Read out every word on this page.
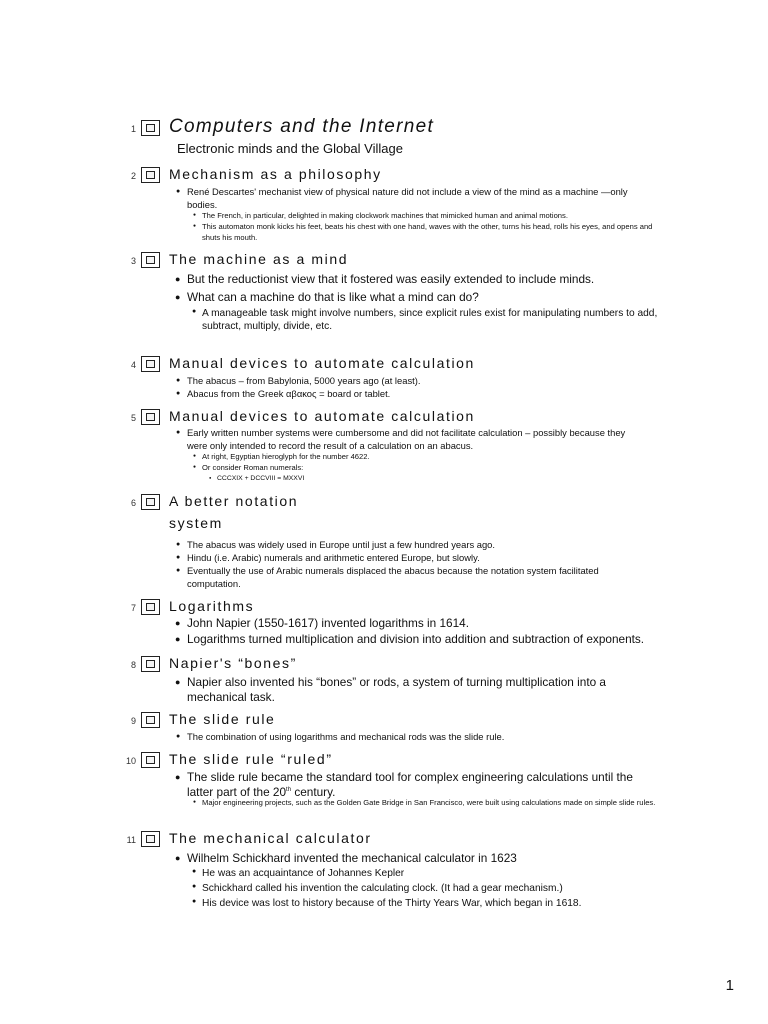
1 Computers and the Internet
Electronic minds and the Global Village
2 Mechanism as a philosophy
● René Descartes' mechanist view of physical nature did not include a view of the mind as a machine —only bodies.
● The French, in particular, delighted in making clockwork machines that mimicked human and animal motions.
● This automaton monk kicks his feet, beats his chest with one hand, waves with the other, turns his head, rolls his eyes, and opens and shuts his mouth.
3 The machine as a mind
● But the reductionist view that it fostered was easily extended to include minds.
● What can a machine do that is like what a mind can do?
● A manageable task might involve numbers, since explicit rules exist for manipulating numbers to add, subtract, multiply, divide, etc.
4 Manual devices to automate calculation
● The abacus – from Babylonia, 5000 years ago (at least).
● Abacus from the Greek αβακος = board or tablet.
5 Manual devices to automate calculation
● Early written number systems were cumbersome and did not facilitate calculation – possibly because they were only intended to record the result of a calculation on an abacus.
● At right, Egyptian hieroglyph for the number 4622.
● Or consider Roman numerals:
● CCCXIX + DCCVIII = MXXVI
6 A better notation
system
● The abacus was widely used in Europe until just a few hundred years ago.
● Hindu (i.e. Arabic) numerals and arithmetic entered Europe, but slowly.
● Eventually the use of Arabic numerals displaced the abacus because the notation system facilitated computation.
7 Logarithms
● John Napier (1550-1617) invented logarithms in 1614.
● Logarithms turned multiplication and division into addition and subtraction of exponents.
8 Napier's “bones”
● Napier also invented his “bones” or rods, a system of turning multiplication into a mechanical task.
9 The slide rule
● The combination of using logarithms and mechanical rods was the slide rule.
10 The slide rule “ruled”
● The slide rule became the standard tool for complex engineering calculations until the latter part of the 20th century.
● Major engineering projects, such as the Golden Gate Bridge in San Francisco, were built using calculations made on simple slide rules.
11 The mechanical calculator
● Wilhelm Schickhard invented the mechanical calculator in 1623
● He was an acquaintance of Johannes Kepler
● Schickhard called his invention the calculating clock. (It had a gear mechanism.)
● His device was lost to history because of the Thirty Years War, which began in 1618.
1
